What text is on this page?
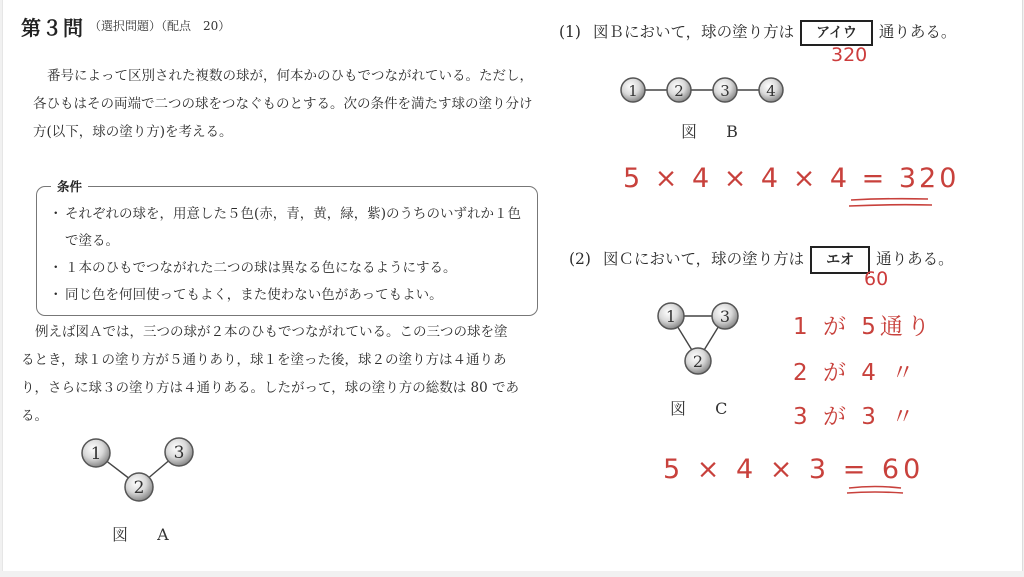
第３問 （選択問題）（配点　20）
番号によって区別された複数の球が，何本かのひもでつながれている。ただし，
各ひもはその両端で二つの球をつなぐものとする。次の条件を満たす球の塗り分け
方(以下，球の塗り方)を考える。
条件
・ それぞれの球を，用意した５色(赤，青，黄，緑，紫)のうちのいずれか１色
で塗る。
・ １本のひもでつながれた二つの球は異なる色になるようにする。
・ 同じ色を何回使ってもよく，また使わない色があってもよい。
例えば図Ａでは，三つの球が２本のひもでつながれている。この三つの球を塗
るとき，球１の塗り方が５通りあり，球１を塗った後，球２の塗り方は４通りあ
り，さらに球３の塗り方は４通りある。したがって，球の塗り方の総数は 80 であ
る。
1
2
3
図 A
(1) 図Ｂにおいて，球の塗り方は アイウ 通りある。
320
1 2 3 4
図 B
5 × 4 × 4 × 4 = 320
(2) 図Ｃにおいて，球の塗り方は エオ 通りある。
60
1
2
3
図 C
1 が 5通り
2 が 4 〃
3 が 3 〃
5 × 4 × 3 = 60
